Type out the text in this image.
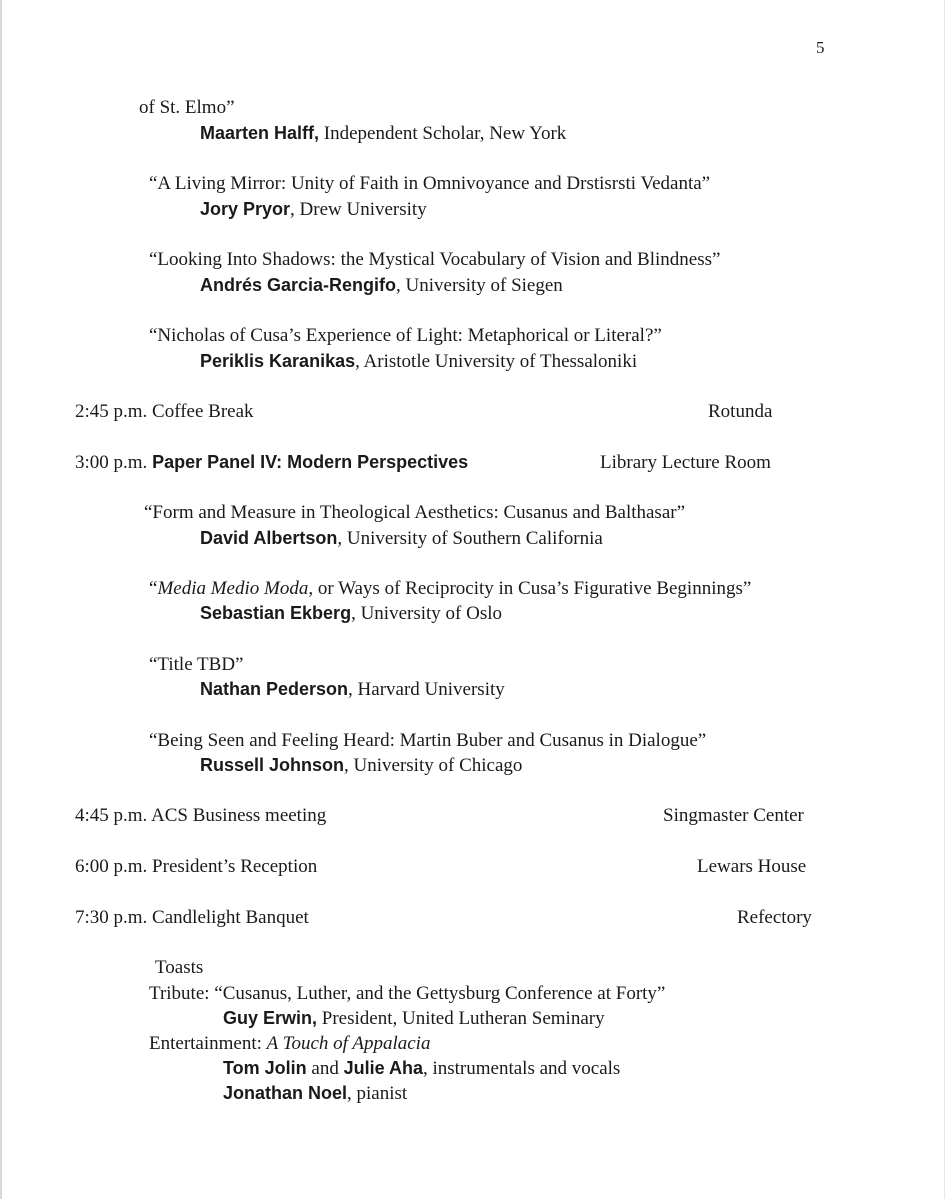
5
of St. Elmo”
Maarten Halff, Independent Scholar, New York
“A Living Mirror: Unity of Faith in Omnivoyance and Drstisrsti Vedanta”
Jory Pryor, Drew University
“Looking Into Shadows: the Mystical Vocabulary of Vision and Blindness”
Andrés Garcia-Rengifo, University of Siegen
“Nicholas of Cusa’s Experience of Light: Metaphorical or Literal?”
Periklis Karanikas, Aristotle University of Thessaloniki
2:45 p.m. Coffee Break	Rotunda
3:00 p.m. Paper Panel IV: Modern Perspectives	Library Lecture Room
“Form and Measure in Theological Aesthetics: Cusanus and Balthasar”
David Albertson, University of Southern California
“Media Medio Moda, or Ways of Reciprocity in Cusa’s Figurative Beginnings”
Sebastian Ekberg, University of Oslo
“Title TBD”
Nathan Pederson, Harvard University
“Being Seen and Feeling Heard: Martin Buber and Cusanus in Dialogue”
Russell Johnson, University of Chicago
4:45 p.m. ACS Business meeting	Singmaster Center
6:00 p.m. President’s Reception	Lewars House
7:30 p.m. Candlelight Banquet	Refectory
Toasts
Tribute: “Cusanus, Luther, and the Gettysburg Conference at Forty”
Guy Erwin, President, United Lutheran Seminary
Entertainment: A Touch of Appalacia
Tom Jolin and Julie Aha, instrumentals and vocals
Jonathan Noel, pianist
